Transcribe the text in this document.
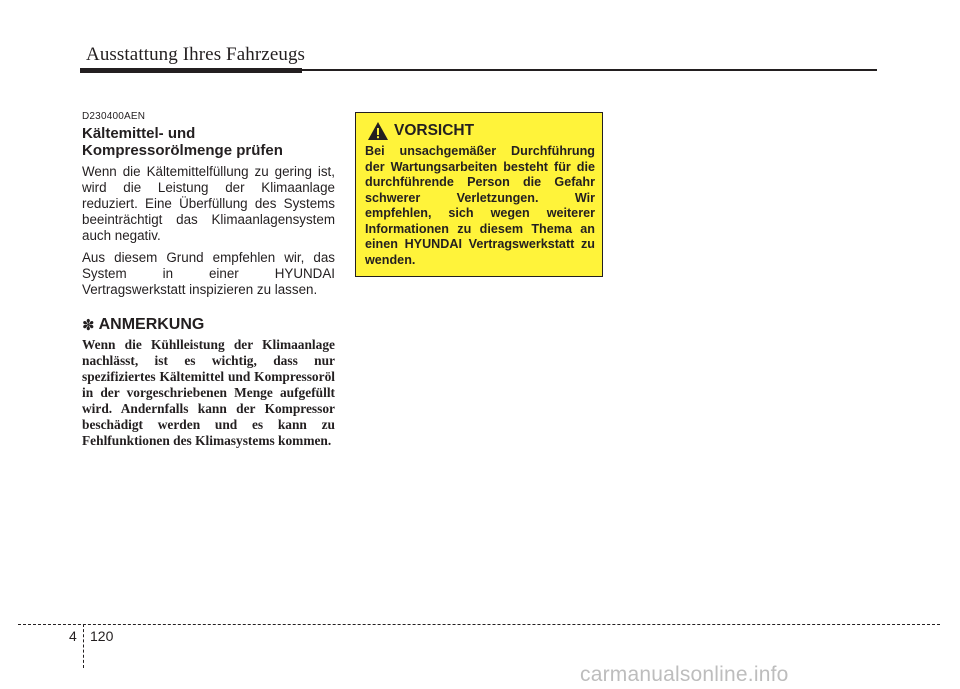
Ausstattung Ihres Fahrzeugs
D230400AEN
Kältemittel- und Kompressorölmenge prüfen

Wenn die Kältemittelfüllung zu gering ist, wird die Leistung der Klimaanlage reduziert. Eine Überfüllung des Systems beeinträchtigt das Klimaanlagensystem auch negativ.

Aus diesem Grund empfehlen wir, das System in einer HYUNDAI Vertragswerkstatt inspizieren zu lassen.

✽ ANMERKUNG

Wenn die Kühlleistung der Klimaanlage nachlässt, ist es wichtig, dass nur spezifiziertes Kältemittel und Kompressoröl in der vorgeschriebenen Menge aufgefüllt wird. Andernfalls kann der Kompressor beschädigt werden und es kann zu Fehlfunktionen des Klimasystems kommen.

VORSICHT

Bei unsachgemäßer Durchführung der Wartungsarbeiten besteht für die durchführende Person die Gefahr schwerer Verletzungen. Wir empfehlen, sich wegen weiterer Informationen zu diesem Thema an einen HYUNDAI Vertragswerkstatt zu wenden.

4 120
carmanualsonline.info
